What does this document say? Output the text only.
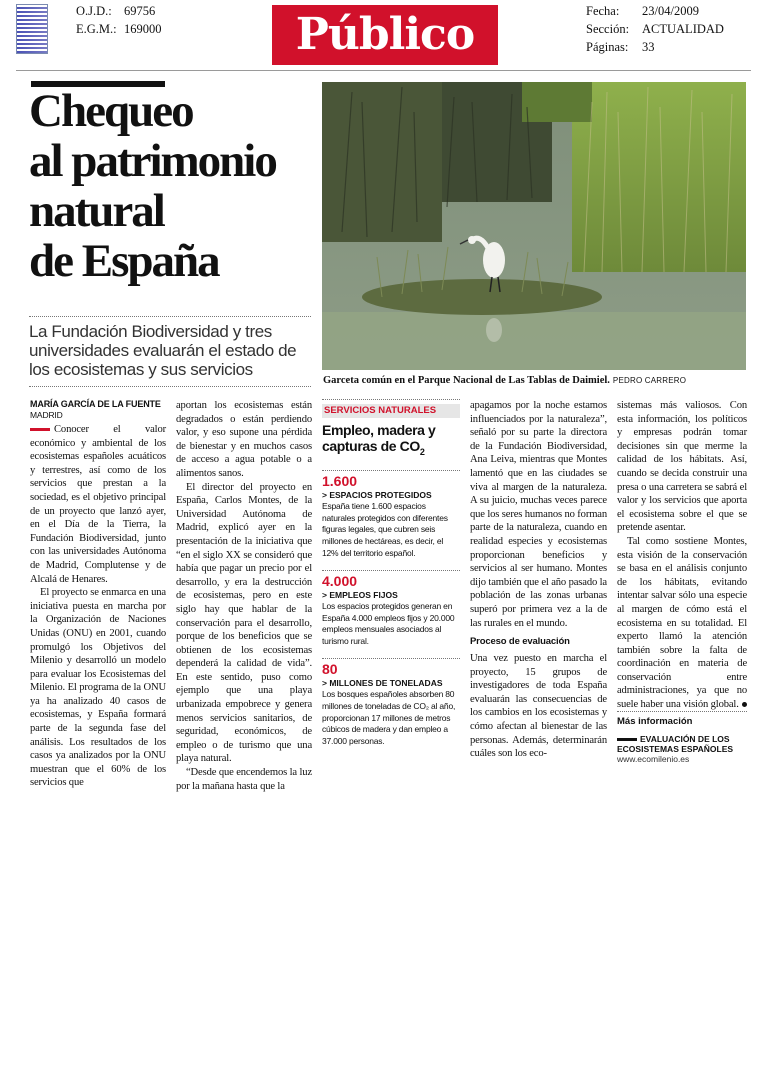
O.J.D.: 69756
E.G.M.: 169000	Público	Fecha: 23/04/2009
Sección: ACTUALIDAD
Páginas: 33
Chequeo
al patrimonio
natural
de España
La Fundación Biodiversidad y tres universidades evaluarán el estado de los ecosistemas y sus servicios
Garceta común en el Parque Nacional de Las Tablas de Daimiel. PEDRO CARRERO
MARÍA GARCÍA DE LA FUENTE
MADRID

Conocer el valor económico y ambiental de los ecosistemas españoles acuáticos y terrestres, así como de los servicios que prestan a la sociedad, es el objetivo principal de un proyecto que lanzó ayer, en el Día de la Tierra, la Fundación Biodiversidad, junto con las universidades Autónoma de Madrid, Complutense y de Alcalá de Henares.

El proyecto se enmarca en una iniciativa puesta en marcha por la Organización de Naciones Unidas (ONU) en 2001, cuando promulgó los Objetivos del Milenio y desarrolló un modelo para evaluar los Ecosistemas del Milenio. El programa de la ONU ya ha analizado 40 casos de ecosistemas, y España formará parte de la segunda fase del análisis. Los resultados de los casos ya analizados por la ONU muestran que el 60% de los servicios que

aportan los ecosistemas están degradados o están perdiendo valor, y eso supone una pérdida de bienestar y en muchos casos de acceso a agua potable o a alimentos sanos.

El director del proyecto en España, Carlos Montes, de la Universidad Autónoma de Madrid, explicó ayer en la presentación de la iniciativa que “en el siglo XX se consideró que había que pagar un precio por el desarrollo, y era la destrucción de ecosistemas, pero en este siglo hay que hablar de la conservación para el desarrollo, porque de los beneficios que se obtienen de los ecosistemas dependerá la calidad de vida”. En este sentido, puso como ejemplo que una playa urbanizada empobrece y genera menos servicios sanitarios, de seguridad, económicos, de empleo o de turismo que una playa natural.

“Desde que encendemos la luz por la mañana hasta que la

SERVICIOS NATURALES
Empleo, madera y capturas de $CO_2$
1.600
> ESPACIOS PROTEGIDOS
España tiene 1.600 espacios naturales protegidos con diferentes figuras legales, que cubren seis millones de hectáreas, es decir, el 12% del territorio español.
4.000
> EMPLEOS FIJOS
Los espacios protegidos generan en España 4.000 empleos fijos y 20.000 empleos mensuales asociados al turismo rural.
80
> MILLONES DE TONELADAS
Los bosques españoles absorben 80 millones de toneladas de CO₂ al año, proporcionan 17 millones de metros cúbicos de madera y dan empleo a 37.000 personas.

apagamos por la noche estamos influenciados por la naturaleza”, señaló por su parte la directora de la Fundación Biodiversidad, Ana Leiva, mientras que Montes lamentó que en las ciudades se viva al margen de la naturaleza. A su juicio, muchas veces parece que los seres humanos no forman parte de la naturaleza, cuando en realidad especies y ecosistemas proporcionan beneficios y servicios al ser humano. Montes dijo también que el año pasado la población de las zonas urbanas superó por primera vez a la de las rurales en el mundo.

Proceso de evaluación

Una vez puesto en marcha el proyecto, 15 grupos de investigadores de toda España evaluarán las consecuencias de los cambios en los ecosistemas y cómo afectan al bienestar de las personas. Además, determinarán cuáles son los eco-

sistemas más valiosos. Con esta información, los políticos y empresas podrán tomar decisiones sin que merme la calidad de los hábitats. Así, cuando se decida construir una presa o una carretera se sabrá el valor y los servicios que aporta el ecosistema sobre el que se pretende asentar.

Tal como sostiene Montes, esta visión de la conservación se basa en el análisis conjunto de los hábitats, evitando intentar salvar sólo una especie al margen de cómo está el ecosistema en su totalidad. El experto llamó la atención también sobre la falta de coordinación en materia de conservación entre administraciones, ya que no suele haber una visión global.

Más información
EVALUACIÓN DE LOS ECOSISTEMAS ESPAÑOLES
www.ecomilenio.es
